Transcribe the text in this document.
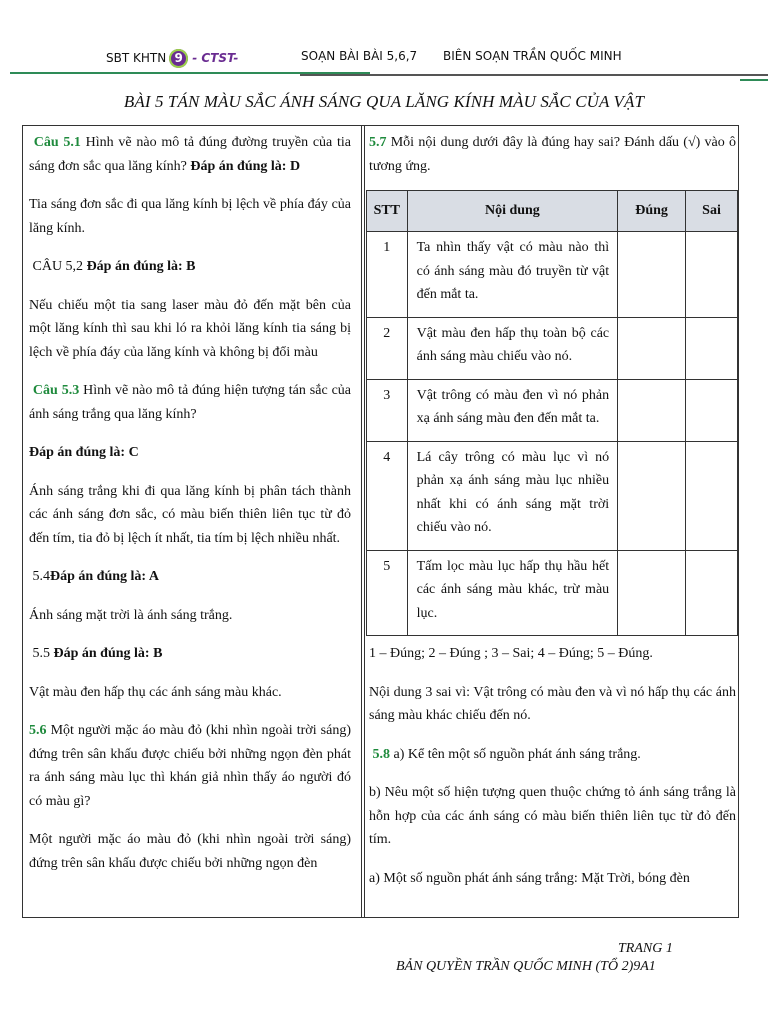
SBT KHTN 9 - CTST-	SOẠN BÀI BÀI 5,6,7 BIÊN SOẠN TRẦN QUỐC MINH
BÀI 5 TÁN MÀU SẮC ÁNH SÁNG QUA LĂNG KÍNH MÀU SẮC CỦA VẬT

Câu 5.1 Hình vẽ nào mô tả đúng đường truyền của tia sáng đơn sắc qua lăng kính? Đáp án đúng là: D

Tia sáng đơn sắc đi qua lăng kính bị lệch về phía đáy của lăng kính.

CÂU 5,2 Đáp án đúng là: B

Nếu chiếu một tia sang laser màu đỏ đến mặt bên của một lăng kính thì sau khi ló ra khỏi lăng kính tia sáng bị lệch về phía đáy của lăng kính và không bị đổi màu

Câu 5.3 Hình vẽ nào mô tả đúng hiện tượng tán sắc của ánh sáng trắng qua lăng kính?

Đáp án đúng là: C

Ánh sáng trắng khi đi qua lăng kính bị phân tách thành các ánh sáng đơn sắc, có màu biến thiên liên tục từ đỏ đến tím, tia đỏ bị lệch ít nhất, tia tím bị lệch nhiều nhất.

5.4Đáp án đúng là: A

Ánh sáng mặt trời là ánh sáng trắng.

5.5 Đáp án đúng là: B

Vật màu đen hấp thụ các ánh sáng màu khác.

5.6 Một người mặc áo màu đỏ (khi nhìn ngoài trời sáng) đứng trên sân khấu được chiếu bởi những ngọn đèn phát ra ánh sáng màu lục thì khán giả nhìn thấy áo người đó có màu gì?

Một người mặc áo màu đỏ (khi nhìn ngoài trời sáng) đứng trên sân khấu được chiếu bởi những ngọn đèn

5.7 Mỗi nội dung dưới đây là đúng hay sai? Đánh dấu (√) vào ô tương ứng.

STT	Nội dung	Đúng	Sai
1	Ta nhìn thấy vật có màu nào thì có ánh sáng màu đó truyền từ vật đến mắt ta.		
2	Vật màu đen hấp thụ toàn bộ các ánh sáng màu chiếu vào nó.		
3	Vật trông có màu đen vì nó phản xạ ánh sáng màu đen đến mắt ta.		
4	Lá cây trông có màu lục vì nó phản xạ ánh sáng màu lục nhiều nhất khi có ánh sáng mặt trời chiếu vào nó.		
5	Tấm lọc màu lục hấp thụ hầu hết các ánh sáng màu khác, trừ màu lục.		

1 – Đúng; 2 – Đúng ; 3 – Sai; 4 – Đúng; 5 – Đúng.

Nội dung 3 sai vì: Vật trông có màu đen và vì nó hấp thụ các ánh sáng màu khác chiếu đến nó.

5.8 a) Kể tên một số nguồn phát ánh sáng trắng.

b) Nêu một số hiện tượng quen thuộc chứng tỏ ánh sáng trắng là hỗn hợp của các ánh sáng có màu biến thiên liên tục từ đỏ đến tím.

a) Một số nguồn phát ánh sáng trắng: Mặt Trời, bóng đèn

TRANG 1
BẢN QUYỀN TRẦN QUỐC MINH (TỔ 2)9A1
